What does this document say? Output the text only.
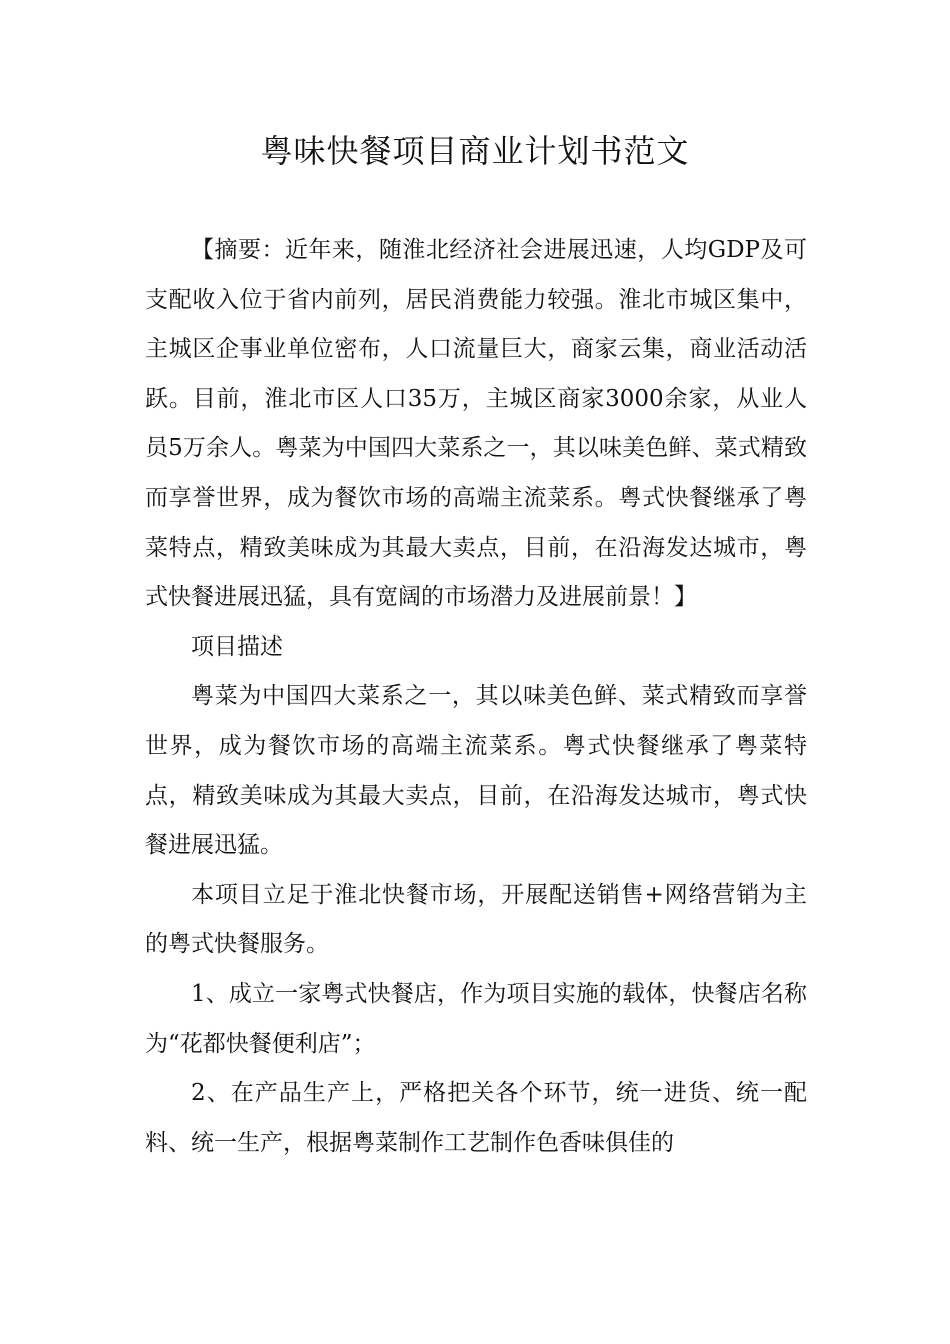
粤味快餐项目商业计划书范文

【摘要：近年来，随淮北经济社会进展迅速，人均GDP及可支配收入位于省内前列，居民消费能力较强。淮北市城区集中，主城区企事业单位密布，人口流量巨大，商家云集，商业活动活跃。目前，淮北市区人口35万，主城区商家3000余家，从业人员5万余人。粤菜为中国四大菜系之一，其以味美色鲜、菜式精致而享誉世界，成为餐饮市场的高端主流菜系。粤式快餐继承了粤菜特点，精致美味成为其最大卖点，目前，在沿海发达城市，粤式快餐进展迅猛，具有宽阔的市场潜力及进展前景！】

项目描述

粤菜为中国四大菜系之一，其以味美色鲜、菜式精致而享誉世界，成为餐饮市场的高端主流菜系。粤式快餐继承了粤菜特点，精致美味成为其最大卖点，目前，在沿海发达城市，粤式快餐进展迅猛。

本项目立足于淮北快餐市场，开展配送销售+网络营销为主的粤式快餐服务。

1、成立一家粤式快餐店，作为项目实施的载体，快餐店名称为“花都快餐便利店”；

2、在产品生产上，严格把关各个环节，统一进货、统一配料、统一生产，根据粤菜制作工艺制作色香味俱佳的
